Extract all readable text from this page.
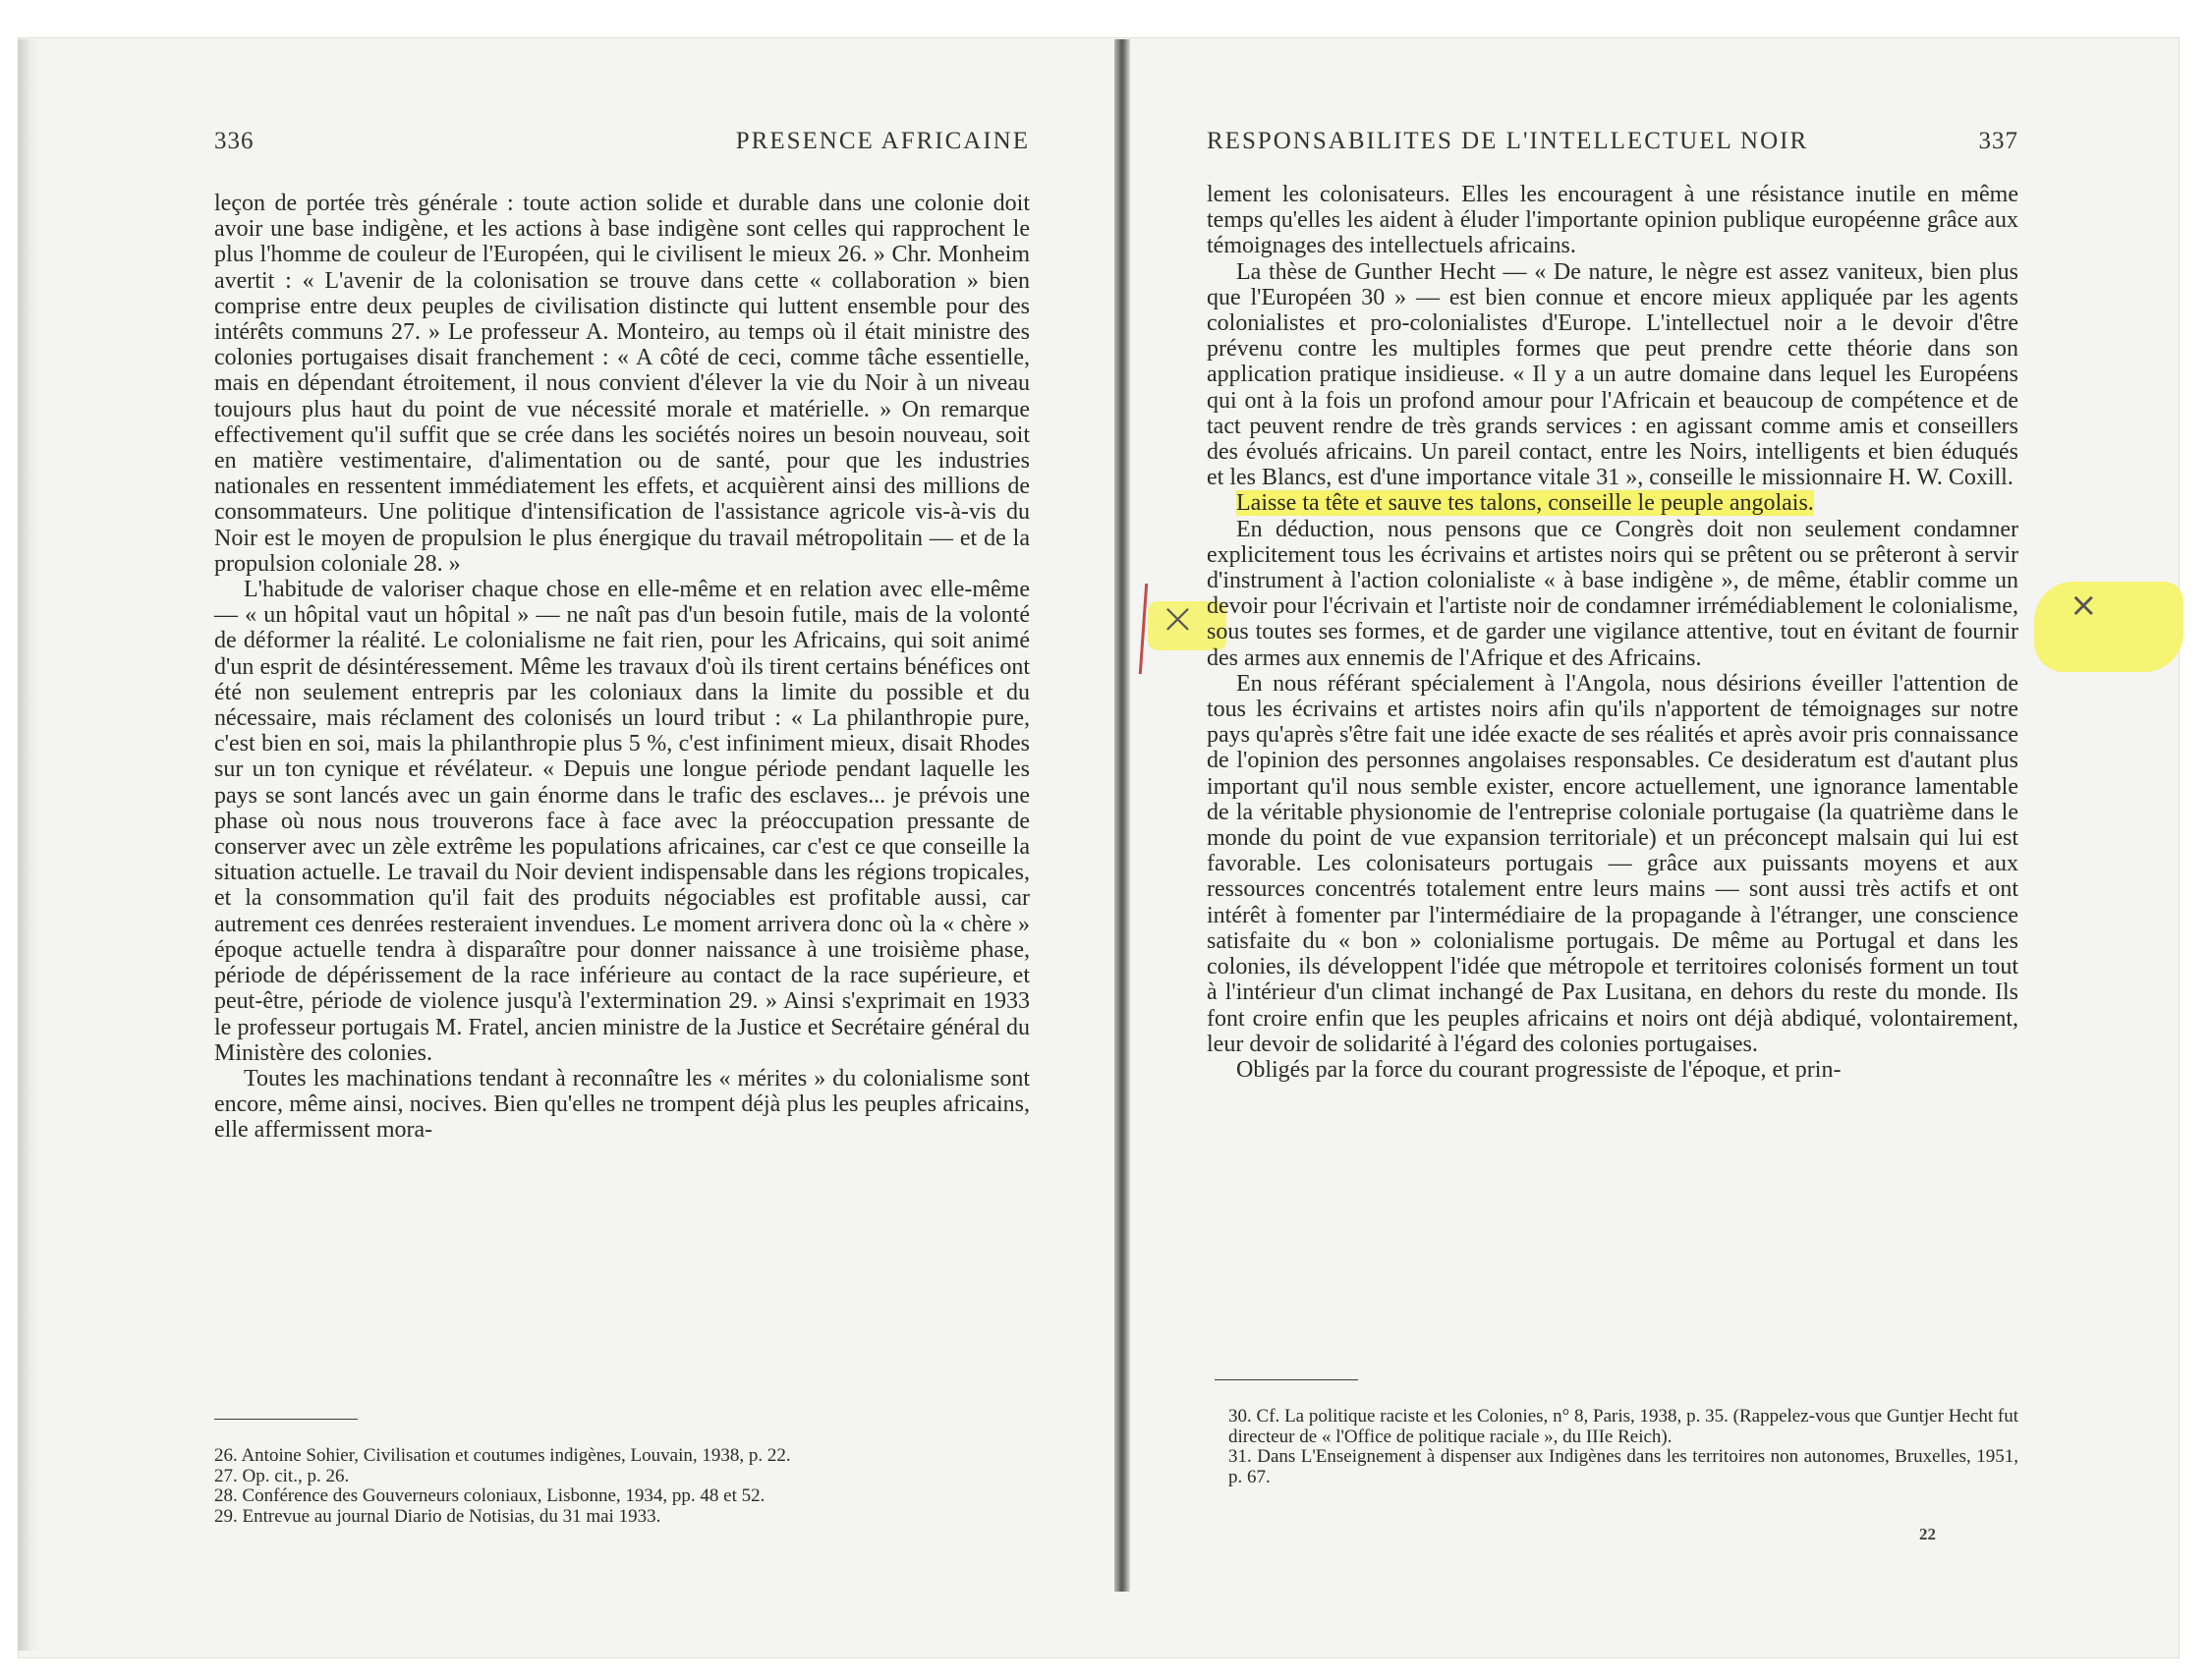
336	PRESENCE AFRICAINE

leçon de portée très générale : toute action solide et durable dans une colonie doit avoir une base indigène, et les actions à base indigène sont celles qui rapprochent le plus l'homme de couleur de l'Européen, qui le civilisent le mieux 26. » Chr. Monheim avertit : « L'avenir de la colonisation se trouve dans cette « collaboration » bien comprise entre deux peuples de civilisation distincte qui luttent ensemble pour des intérêts communs 27. » Le professeur A. Monteiro, au temps où il était ministre des colonies portugaises disait franchement : « A côté de ceci, comme tâche essentielle, mais en dépendant étroitement, il nous convient d'élever la vie du Noir à un niveau toujours plus haut du point de vue nécessité morale et matérielle. » On remarque effectivement qu'il suffit que se crée dans les sociétés noires un besoin nouveau, soit en matière vestimentaire, d'alimentation ou de santé, pour que les industries nationales en ressentent immédiatement les effets, et acquièrent ainsi des millions de consommateurs. Une politique d'intensification de l'assistance agricole vis-à-vis du Noir est le moyen de propulsion le plus énergique du travail métropolitain — et de la propulsion coloniale 28. »

L'habitude de valoriser chaque chose en elle-même et en relation avec elle-même — « un hôpital vaut un hôpital » — ne naît pas d'un besoin futile, mais de la volonté de déformer la réalité. Le colonialisme ne fait rien, pour les Africains, qui soit animé d'un esprit de désintéressement. Même les travaux d'où ils tirent certains bénéfices ont été non seulement entrepris par les coloniaux dans la limite du possible et du nécessaire, mais réclament des colonisés un lourd tribut : « La philanthropie pure, c'est bien en soi, mais la philanthropie plus 5 %, c'est infiniment mieux, disait Rhodes sur un ton cynique et révélateur. « Depuis une longue période pendant laquelle les pays se sont lancés avec un gain énorme dans le trafic des esclaves... je prévois une phase où nous nous trouverons face à face avec la préoccupation pressante de conserver avec un zèle extrême les populations africaines, car c'est ce que conseille la situation actuelle. Le travail du Noir devient indispensable dans les régions tropicales, et la consommation qu'il fait des produits négociables est profitable aussi, car autrement ces denrées resteraient invendues. Le moment arrivera donc où la « chère » époque actuelle tendra à disparaître pour donner naissance à une troisième phase, période de dépérissement de la race inférieure au contact de la race supérieure, et peut-être, période de violence jusqu'à l'extermination 29. » Ainsi s'exprimait en 1933 le professeur portugais M. Fratel, ancien ministre de la Justice et Secrétaire général du Ministère des colonies.

Toutes les machinations tendant à reconnaître les « mérites » du colonialisme sont encore, même ainsi, nocives. Bien qu'elles ne trompent déjà plus les peuples africains, elle affermissent mora-

26. Antoine Sohier, Civilisation et coutumes indigènes, Louvain, 1938, p. 22.

27. Op. cit., p. 26.

28. Conférence des Gouverneurs coloniaux, Lisbonne, 1934, pp. 48 et 52.

29. Entrevue au journal Diario de Notisias, du 31 mai 1933.

×	×
RESPONSABILITES DE L'INTELLECTUEL NOIR	337

lement les colonisateurs. Elles les encouragent à une résistance inutile en même temps qu'elles les aident à éluder l'importante opinion publique européenne grâce aux témoignages des intellectuels africains.

La thèse de Gunther Hecht — « De nature, le nègre est assez vaniteux, bien plus que l'Européen 30 » — est bien connue et encore mieux appliquée par les agents colonialistes et pro-colonialistes d'Europe. L'intellectuel noir a le devoir d'être prévenu contre les multiples formes que peut prendre cette théorie dans son application pratique insidieuse. « Il y a un autre domaine dans lequel les Européens qui ont à la fois un profond amour pour l'Africain et beaucoup de compétence et de tact peuvent rendre de très grands services : en agissant comme amis et conseillers des évolués africains. Un pareil contact, entre les Noirs, intelligents et bien éduqués et les Blancs, est d'une importance vitale 31 », conseille le missionnaire H. W. Coxill.

Laisse ta tête et sauve tes talons, conseille le peuple angolais.

En déduction, nous pensons que ce Congrès doit non seulement condamner explicitement tous les écrivains et artistes noirs qui se prêtent ou se prêteront à servir d'instrument à l'action colonialiste « à base indigène », de même, établir comme un devoir pour l'écrivain et l'artiste noir de condamner irrémédiablement le colonialisme, sous toutes ses formes, et de garder une vigilance attentive, tout en évitant de fournir des armes aux ennemis de l'Afrique et des Africains.

En nous référant spécialement à l'Angola, nous désirions éveiller l'attention de tous les écrivains et artistes noirs afin qu'ils n'apportent de témoignages sur notre pays qu'après s'être fait une idée exacte de ses réalités et après avoir pris connaissance de l'opinion des personnes angolaises responsables. Ce desideratum est d'autant plus important qu'il nous semble exister, encore actuellement, une ignorance lamentable de la véritable physionomie de l'entreprise coloniale portugaise (la quatrième dans le monde du point de vue expansion territoriale) et un préconcept malsain qui lui est favorable. Les colonisateurs portugais — grâce aux puissants moyens et aux ressources concentrés totalement entre leurs mains — sont aussi très actifs et ont intérêt à fomenter par l'intermédiaire de la propagande à l'étranger, une conscience satisfaite du « bon » colonialisme portugais. De même au Portugal et dans les colonies, ils développent l'idée que métropole et territoires colonisés forment un tout à l'intérieur d'un climat inchangé de Pax Lusitana, en dehors du reste du monde. Ils font croire enfin que les peuples africains et noirs ont déjà abdiqué, volontairement, leur devoir de solidarité à l'égard des colonies portugaises.

Obligés par la force du courant progressiste de l'époque, et prin-

30. Cf. La politique raciste et les Colonies, n° 8, Paris, 1938, p. 35. (Rappelez-vous que Guntjer Hecht fut directeur de « l'Office de politique raciale », du IIIe Reich).

31. Dans L'Enseignement à dispenser aux Indigènes dans les territoires non autonomes, Bruxelles, 1951, p. 67.

22
